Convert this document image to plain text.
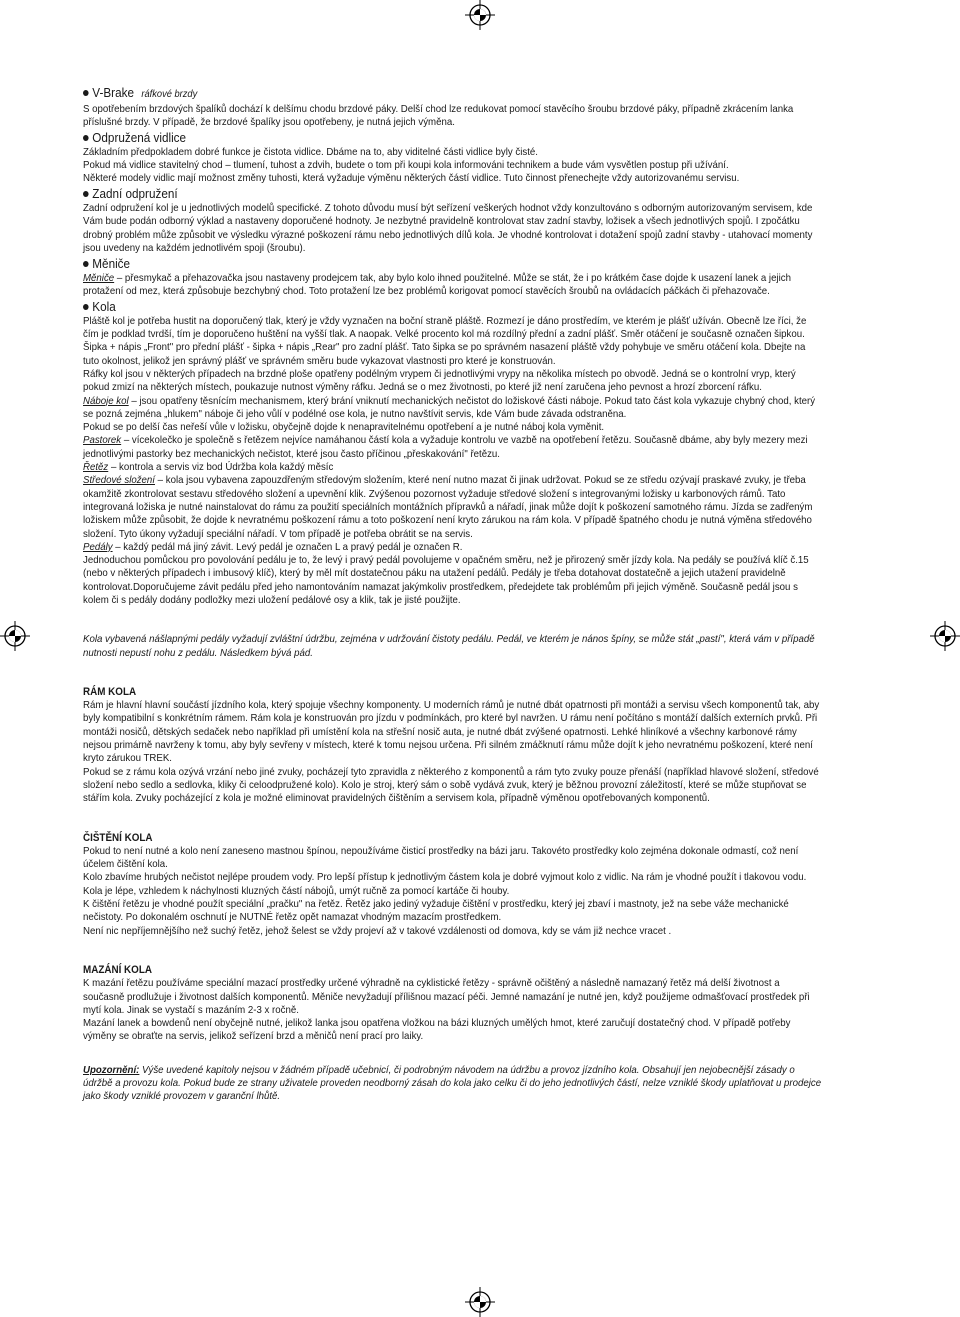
V-Brake ráfkové brzdy

S opotřebením brzdových špalíků dochází k delšímu chodu brzdové páky. Delší chod lze redukovat pomocí stavěcího šroubu brzdové páky, případně zkrácením lanka příslušné brzdy. V případě, že brzdové špalíky jsou opotřebeny, je nutná jejich výměna.

Odpružená vidlice

Základním předpokladem dobré funkce je čistota vidlice. Dbáme na to, aby viditelné části vidlice byly čisté.

Pokud má vidlice stavitelný chod – tlumení, tuhost a zdvih, budete o tom při koupi kola informováni technikem a bude vám vysvětlen postup při užívání.

Některé modely vidlic mají možnost změny tuhosti, která vyžaduje výměnu některých částí vidlice. Tuto činnost přenechejte vždy autorizovanému servisu.

Zadní odpružení

Zadní odpružení kol je u jednotlivých modelů specifické. Z tohoto důvodu musí být seřízení veškerých hodnot vždy konzultováno s odborným autorizovaným servisem, kde Vám bude podán odborný výklad a nastaveny doporučené hodnoty. Je nezbytné pravidelně kontrolovat stav zadní stavby, ložisek a všech jednotlivých spojů. I zpočátku drobný problém může způsobit ve výsledku výrazné poškození rámu nebo jednotlivých dílů kola. Je vhodné kontrolovat i dotažení spojů zadní stavby - utahovací momenty jsou uvedeny na každém jednotlivém spoji (šroubu).

Měniče

Měniče – přesmykač a přehazovačka jsou nastaveny prodejcem tak, aby bylo kolo ihned použitelné. Může se stát, že i po krátkém čase dojde k usazení lanek a jejich protažení od mez, která způsobuje bezchybný chod. Toto protažení lze bez problémů korigovat pomocí stavěcích šroubů na ovládacích páčkách či přehazovače.

Kola

Pláště kol je potřeba hustit na doporučený tlak, který je vždy vyznačen na boční straně pláště. Rozmezí je dáno prostředím, ve kterém je plášť užíván. Obecně lze říci, že čím je podklad tvrdší, tím je doporučeno huštění na vyšší tlak. A naopak. Velké procento kol má rozdílný přední a zadní plášť. Směr otáčení je současně označen šipkou. Šipka + nápis „Front" pro přední plášť - šipka + nápis „Rear" pro zadní plášť. Tato šipka se po správném nasazení pláště vždy pohybuje ve směru otáčení kola. Dbejte na tuto okolnost, jelikož jen správný plášť ve správném směru bude vykazovat vlastnosti pro které je konstruován.

Ráfky kol jsou v některých případech na brzdné ploše opatřeny podélným vrypem či jednotlivými vrypy na několika místech po obvodě. Jedná se o kontrolní vryp, který pokud zmizí na některých místech, poukazuje nutnost výměny ráfku. Jedná se o mez životnosti, po které již není zaručena jeho pevnost a hrozí zborcení ráfku.

Náboje kol – jsou opatřeny těsnícím mechanismem, který brání vniknutí mechanických nečistot do ložiskové části náboje. Pokud tato část kola vykazuje chybný chod, který se pozná zejména „hlukem" náboje či jeho vůlí v podélné ose kola, je nutno navštívit servis, kde Vám bude závada odstraněna.

Pokud se po delší čas neřeší vůle v ložisku, obyčejně dojde k nenapravitelnému opotřebení a je nutné náboj kola vyměnit.

Pastorek – vícekolečko je společně s řetězem nejvíce namáhanou částí kola a vyžaduje kontrolu ve vazbě na opotřebení řetězu. Současně dbáme, aby byly mezery mezi jednotlivými pastorky bez mechanických nečistot, které jsou často příčinou „přeskakování" řetězu.

Řetěz – kontrola a servis viz bod Údržba kola každý měsíc

Středové složení – kola jsou vybavena zapouzdřeným středovým složením, které není nutno mazat či jinak udržovat. Pokud se ze středu ozývají praskavé zvuky, je třeba okamžitě zkontrolovat sestavu středového složení a upevnění klik. Zvýšenou pozornost vyžaduje středové složení s integrovanými ložisky u karbonových rámů. Tato integrovaná ložiska je nutné nainstalovat do rámu za použití speciálních montážních přípravků a nářadí, jinak může dojít k poškození samotného rámu. Jízda se zadřeným ložiskem může způsobit, že dojde k nevratnému poškození rámu a toto poškození není kryto zárukou na rám kola. V případě špatného chodu je nutná výměna středového složení. Tyto úkony vyžadují speciální nářadí. V tom případě je potřeba obrátit se na servis.

Pedály – každý pedál má jiný závit. Levý pedál je označen L a pravý pedál je označen R.

Jednoduchou pomůckou pro povolování pedálu je to, že levý i pravý pedál povolujeme v opačném směru, než je přirozený směr jízdy kola. Na pedály se používá klíč č.15 (nebo v některých případech i imbusový klíč), který by měl mít dostatečnou páku na utažení pedálů. Pedály je třeba dotahovat dostatečně a jejich utažení pravidelně kontrolovat.Doporučujeme závit pedálu před jeho namontováním namazat jakýmkoliv prostředkem, předejdete tak problémům při jejich výměně. Současně pedál jsou s kolem či s pedály dodány podložky mezi uložení pedálové osy a klik, tak je jisté použijte.

Kola vybavená nášlapnými pedály vyžadují zvláštní údržbu, zejména v udržování čistoty pedálu. Pedál, ve kterém je nános špíny, se může stát „pastí", která vám v případě nutnosti nepustí nohu z pedálu. Následkem bývá pád.

RÁM KOLA

Rám je hlavní hlavní součástí jízdního kola, který spojuje všechny komponenty. U moderních rámů je nutné dbát opatrnosti při montáži a servisu všech komponentů tak, aby byly kompatibilní s konkrétním rámem. Rám kola je konstruován pro jízdu v podmínkách, pro které byl navržen. U rámu není počítáno s montáží dalších externích prvků. Při montáži nosičů, dětských sedaček nebo například při umístění kola na střešní nosič auta, je nutné dbát zvýšené opatrnosti. Lehké hliníkové a všechny karbonové rámy nejsou primárně navrženy k tomu, aby byly sevřeny v místech, které k tomu nejsou určena. Při silném zmáčknutí rámu může dojít k jeho nevratnému poškození, které není kryto zárukou TREK.

Pokud se z rámu kola ozývá vrzání nebo jiné zvuky, pocházejí tyto zpravidla z některého z komponentů a rám tyto zvuky pouze přenáší (například hlavové složení, středové složení nebo sedlo a sedlovka, kliky či celoodpružené kolo). Kolo je stroj, který sám o sobě vydává zvuk, který je běžnou provozní záležitostí, které se může stupňovat se stářím kola. Zvuky pocházející z kola je možné eliminovat pravidelných čištěním a servisem kola, případně výměnou opotřebovaných komponentů.

ČIŠTĚNÍ KOLA

Pokud to není nutné a kolo není zaneseno mastnou špínou, nepoužíváme čisticí prostředky na bázi jaru. Takovéto prostředky kolo zejména dokonale odmastí, což není účelem čištění kola.

Kolo zbavíme hrubých nečistot nejlépe proudem vody. Pro lepší přístup k jednotlivým částem kola je dobré vyjmout kolo z vidlic. Na rám je vhodné použít i tlakovou vodu. Kola je lépe, vzhledem k náchylnosti kluzných částí nábojů, umýt ručně za pomocí kartáče či houby.

K čištění řetězu je vhodné použít speciální „pračku" na řetěz. Řetěz jako jediný vyžaduje čištění v prostředku, který jej zbaví i mastnoty, jež na sebe váže mechanické nečistoty. Po dokonalém oschnutí je NUTNÉ řetěz opět namazat vhodným mazacím prostředkem.

Není nic nepříjemnějšího než suchý řetěz, jehož šelest se vždy projeví až v takové vzdálenosti od domova, kdy se vám již nechce vracet .

MAZÁNÍ KOLA

K mazání řetězu používáme speciální mazací prostředky určené výhradně na cyklistické řetězy - správně očištěný a následně namazaný řetěz má delší životnost a současně prodlužuje i životnost dalších komponentů. Měniče nevyžadují přílišnou mazací péči. Jemné namazání je nutné jen, když použijeme odmašťovací prostředek při mytí kola. Jinak se vystačí s mazáním 2-3 x ročně.

Mazání lanek a bowdenů není obyčejně nutné, jelikož lanka jsou opatřena vložkou na bázi kluzných umělých hmot, které zaručují dostatečný chod. V případě potřeby výměny se obraťte na servis, jelikož seřízení brzd a měničů není prací pro laiky.

Upozornění: Výše uvedené kapitoly nejsou v žádném případě učebnicí, či podrobným návodem na údržbu a provoz jízdního kola. Obsahují jen nejobecnější zásady o údržbě a provozu kola. Pokud bude ze strany uživatele proveden neodborný zásah do kola jako celku či do jeho jednotlivých částí, nelze vzniklé škody uplatňovat u prodejce jako škody vzniklé provozem v garanční lhůtě.
